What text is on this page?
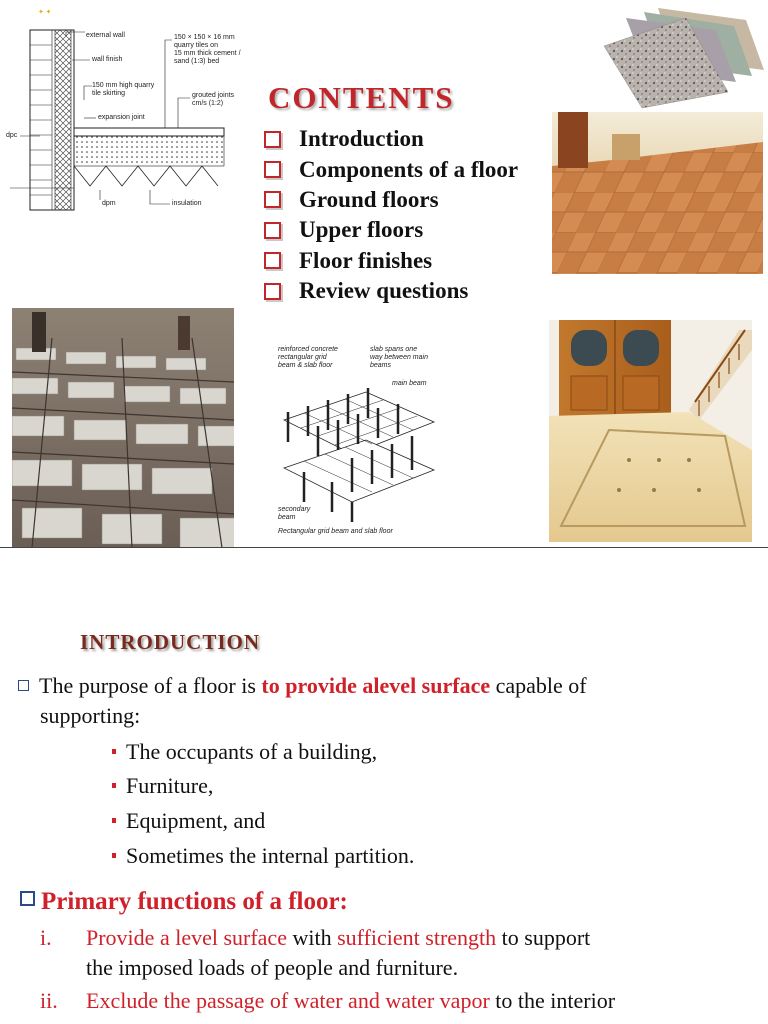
✦ ✦
external wall
wall finish
150 × 150 × 16 mm
quarry tiles on
15 mm thick cement /
sand (1:3) bed
150 mm high quarry
tile skirting	grouted joints
cm/s (1:2)
expansion joint
dpc
dpm	insulation
CONTENTS
Introduction
Components of a floor
Ground floors
Upper floors
Floor finishes
Review questions
reinforced concrete
rectangular grid
beam & slab floor
slab spans one
way between main
beams
main beam
secondary
beam
Rectangular grid beam and slab floor
INTRODUCTION
The purpose of a floor is to provide alevel surface capable of
supporting:
The occupants of a building,
Furniture,
Equipment, and
Sometimes the internal partition.
Primary functions of a floor:
i. Provide a level surface with sufficient strength to support
the imposed loads of people and furniture.
ii. Exclude the passage of water and water vapor to the interior
